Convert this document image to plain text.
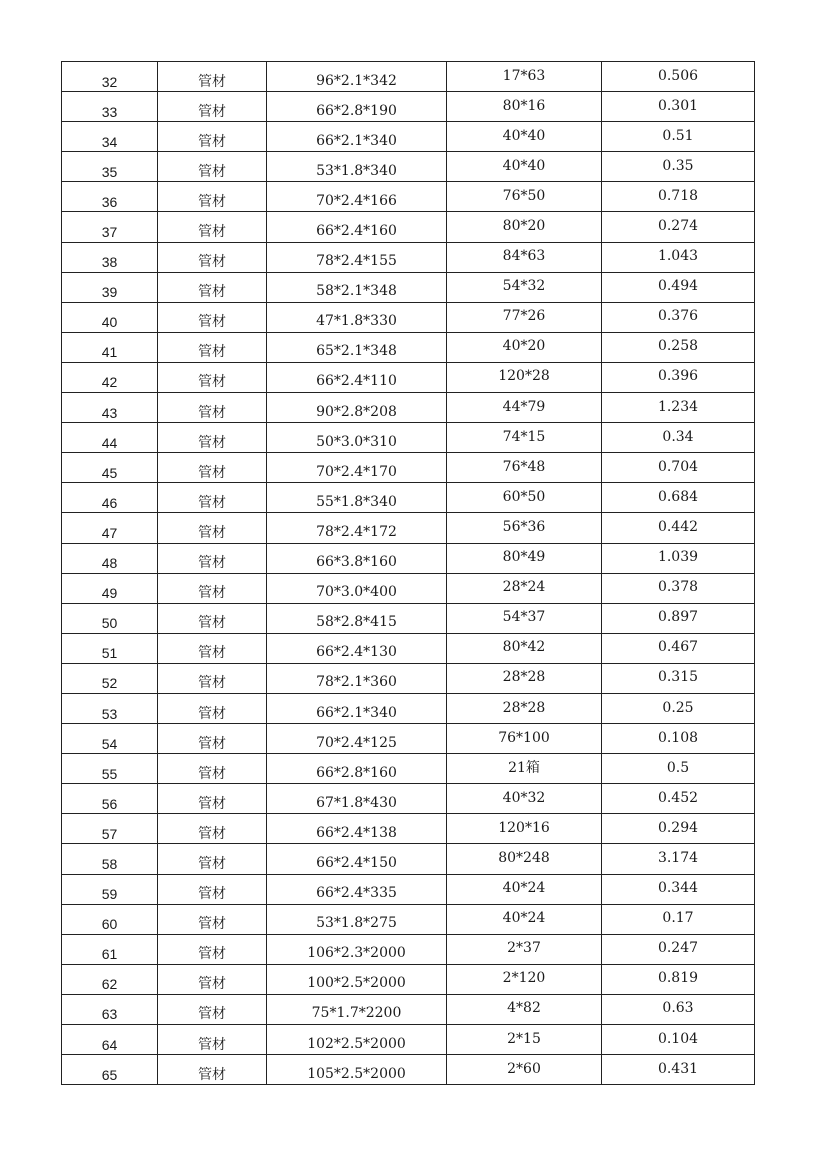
32	管材	96*2.1*342	17*63	0.506
33	管材	66*2.8*190	80*16	0.301
34	管材	66*2.1*340	40*40	0.51
35	管材	53*1.8*340	40*40	0.35
36	管材	70*2.4*166	76*50	0.718
37	管材	66*2.4*160	80*20	0.274
38	管材	78*2.4*155	84*63	1.043
39	管材	58*2.1*348	54*32	0.494
40	管材	47*1.8*330	77*26	0.376
41	管材	65*2.1*348	40*20	0.258
42	管材	66*2.4*110	120*28	0.396
43	管材	90*2.8*208	44*79	1.234
44	管材	50*3.0*310	74*15	0.34
45	管材	70*2.4*170	76*48	0.704
46	管材	55*1.8*340	60*50	0.684
47	管材	78*2.4*172	56*36	0.442
48	管材	66*3.8*160	80*49	1.039
49	管材	70*3.0*400	28*24	0.378
50	管材	58*2.8*415	54*37	0.897
51	管材	66*2.4*130	80*42	0.467
52	管材	78*2.1*360	28*28	0.315
53	管材	66*2.1*340	28*28	0.25
54	管材	70*2.4*125	76*100	0.108
55	管材	66*2.8*160	21箱	0.5
56	管材	67*1.8*430	40*32	0.452
57	管材	66*2.4*138	120*16	0.294
58	管材	66*2.4*150	80*248	3.174
59	管材	66*2.4*335	40*24	0.344
60	管材	53*1.8*275	40*24	0.17
61	管材	106*2.3*2000	2*37	0.247
62	管材	100*2.5*2000	2*120	0.819
63	管材	75*1.7*2200	4*82	0.63
64	管材	102*2.5*2000	2*15	0.104
65	管材	105*2.5*2000	2*60	0.431
